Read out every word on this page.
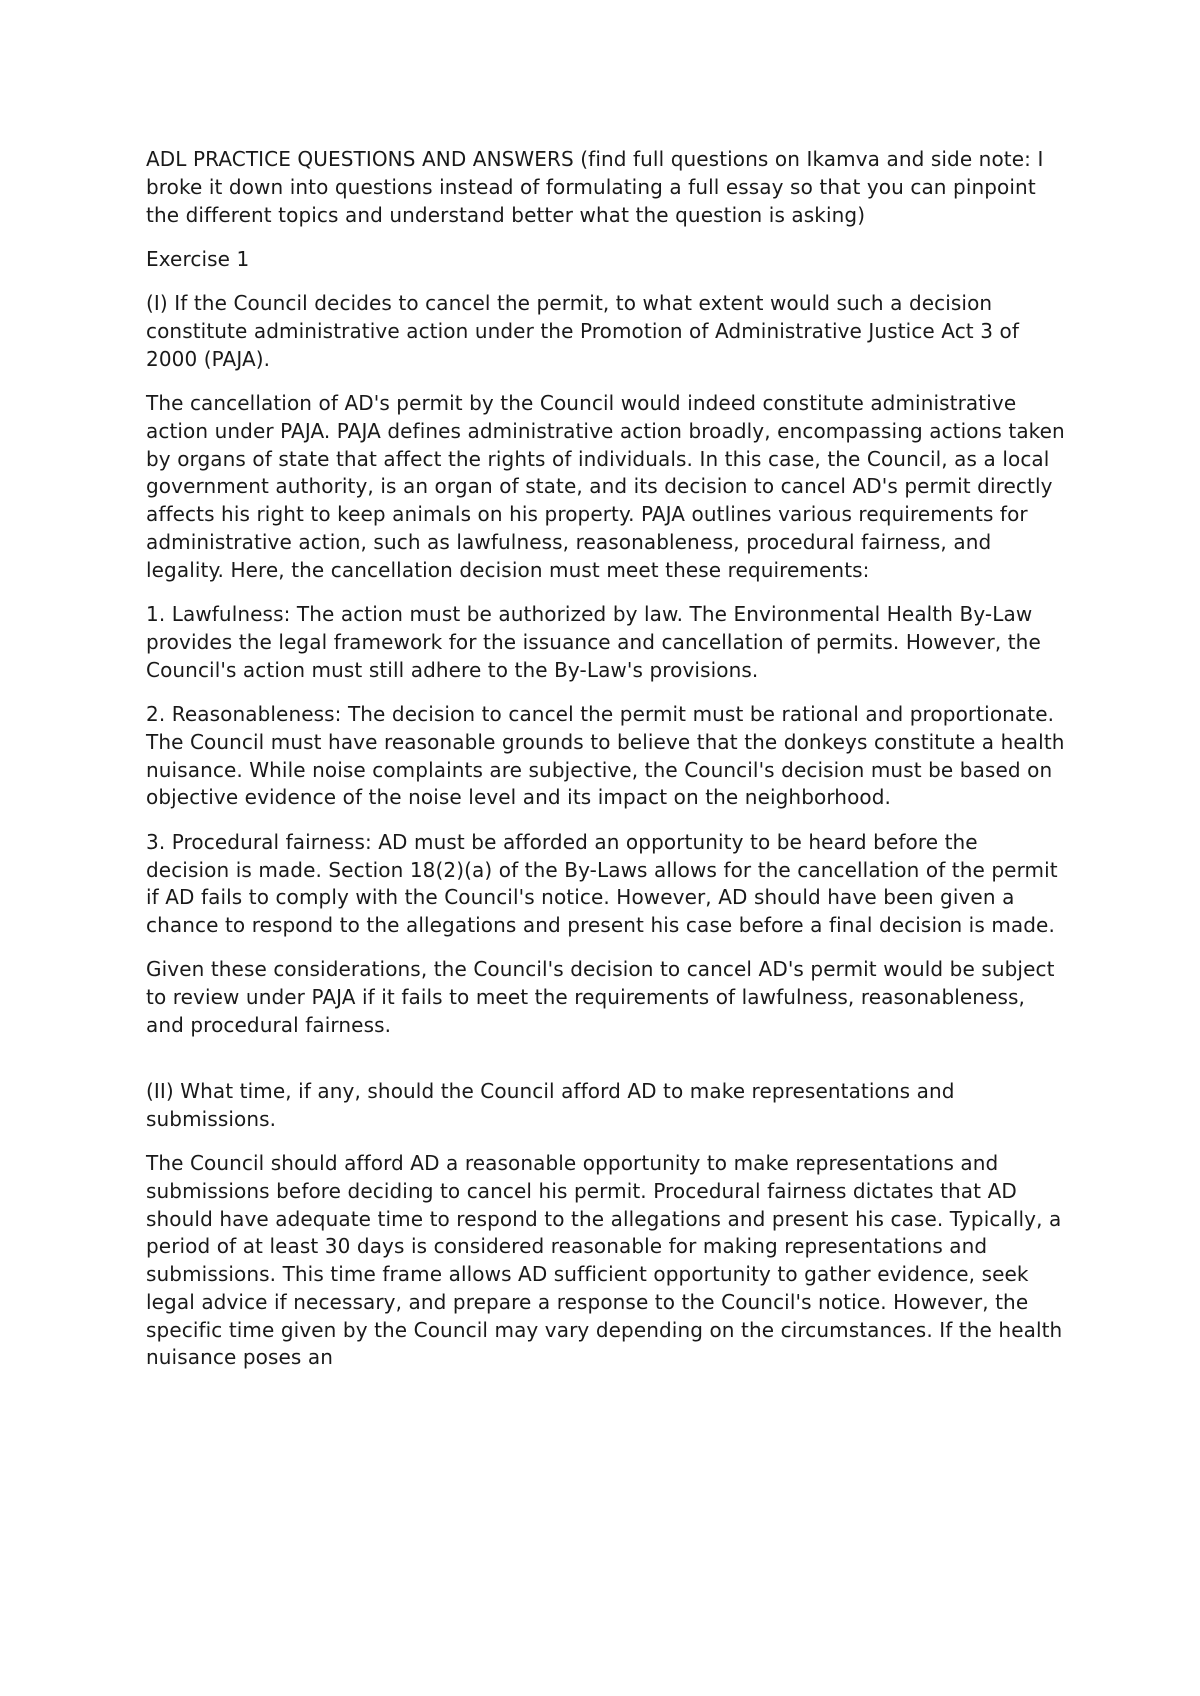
ADL PRACTICE QUESTIONS AND ANSWERS (find full questions on Ikamva and side note: I broke it down into questions instead of formulating a full essay so that you can pinpoint the different topics and understand better what the question is asking)

Exercise 1

(I) If the Council decides to cancel the permit, to what extent would such a decision constitute administrative action under the Promotion of Administrative Justice Act 3 of 2000 (PAJA).

The cancellation of AD's permit by the Council would indeed constitute administrative action under PAJA. PAJA defines administrative action broadly, encompassing actions taken by organs of state that affect the rights of individuals. In this case, the Council, as a local government authority, is an organ of state, and its decision to cancel AD's permit directly affects his right to keep animals on his property. PAJA outlines various requirements for administrative action, such as lawfulness, reasonableness, procedural fairness, and legality. Here, the cancellation decision must meet these requirements:

1. Lawfulness: The action must be authorized by law. The Environmental Health By-Law provides the legal framework for the issuance and cancellation of permits. However, the Council's action must still adhere to the By-Law's provisions.

2. Reasonableness: The decision to cancel the permit must be rational and proportionate. The Council must have reasonable grounds to believe that the donkeys constitute a health nuisance. While noise complaints are subjective, the Council's decision must be based on objective evidence of the noise level and its impact on the neighborhood.

3. Procedural fairness: AD must be afforded an opportunity to be heard before the decision is made. Section 18(2)(a) of the By-Laws allows for the cancellation of the permit if AD fails to comply with the Council's notice. However, AD should have been given a chance to respond to the allegations and present his case before a final decision is made.

Given these considerations, the Council's decision to cancel AD's permit would be subject to review under PAJA if it fails to meet the requirements of lawfulness, reasonableness, and procedural fairness.

(II) What time, if any, should the Council afford AD to make representations and submissions.

The Council should afford AD a reasonable opportunity to make representations and submissions before deciding to cancel his permit. Procedural fairness dictates that AD should have adequate time to respond to the allegations and present his case. Typically, a period of at least 30 days is considered reasonable for making representations and submissions. This time frame allows AD sufficient opportunity to gather evidence, seek legal advice if necessary, and prepare a response to the Council's notice. However, the specific time given by the Council may vary depending on the circumstances. If the health nuisance poses an
